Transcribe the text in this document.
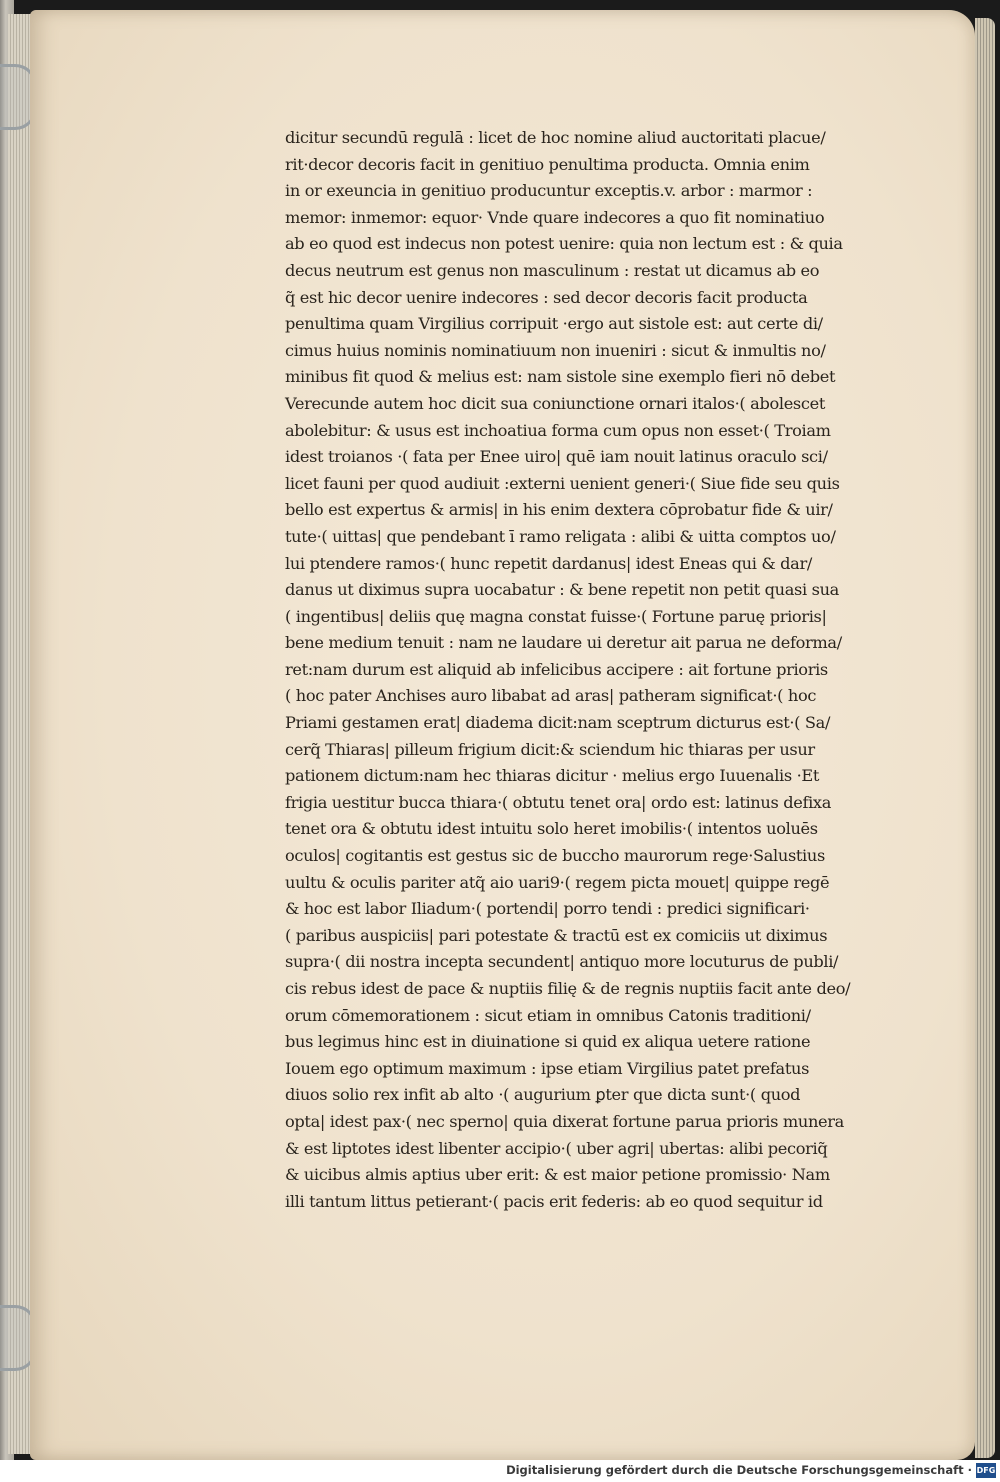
dicitur secundū regulā : licet de hoc nomine aliud auctoritati placue/
rit·decor decoris facit in genitiuo penultima producta. Omnia enim
in or exeuncia in genitiuo producuntur exceptis.v. arbor : marmor :
memor: inmemor: equor· Vnde quare indecores a quo fit nominatiuo
ab eo quod est indecus non potest uenire: quia non lectum est : & quia
decus neutrum est genus non masculinum : restat ut dicamus ab eo
q̃ est hic decor uenire indecores : sed decor decoris facit producta
penultima quam Virgilius corripuit ·ergo aut sistole est: aut certe di/
cimus huius nominis nominatiuum non inueniri : sicut & inmultis no/
minibus fit quod & melius est: nam sistole sine exemplo fieri nō debet
Verecunde autem hoc dicit sua coniunctione ornari italos·( abolescet
abolebitur: & usus est inchoatiua forma cum opus non esset·( Troiam
idest troianos ·( fata per Enee uiro| quē iam nouit latinus oraculo sci/
licet fauni per quod audiuit :externi uenient generi·( Siue fide seu quis
bello est expertus & armis| in his enim dextera cōprobatur fide & uir/
tute·( uittas| que pendebant ī ramo religata : alibi & uitta comptos uo/
lui ptendere ramos·( hunc repetit dardanus| idest Eneas qui & dar/
danus ut diximus supra uocabatur : & bene repetit non petit quasi sua
( ingentibus| deliis quę magna constat fuisse·( Fortune paruę prioris|
bene medium tenuit : nam ne laudare ui deretur ait parua ne deforma/
ret:nam durum est aliquid ab infelicibus accipere : ait fortune prioris
( hoc pater Anchises auro libabat ad aras| patheram significat·( hoc
Priami gestamen erat| diadema dicit:nam sceptrum dicturus est·( Sa/
cerq̃ Thiaras| pilleum frigium dicit:& sciendum hic thiaras per usur
pationem dictum:nam hec thiaras dicitur · melius ergo Iuuenalis ·Et
frigia uestitur bucca thiara·( obtutu tenet ora| ordo est: latinus defixa
tenet ora & obtutu idest intuitu solo heret imobilis·( intentos uoluēs
oculos| cogitantis est gestus sic de buccho maurorum rege·Salustius
uultu & oculis pariter atq̃ aio uari9·( regem picta mouet| quippe regē
& hoc est labor Iliadum·( portendi| porro tendi : predici significari·
( paribus auspiciis| pari potestate & tractū est ex comiciis ut diximus
supra·( dii nostra incepta secundent| antiquo more locuturus de publi/
cis rebus idest de pace & nuptiis filię & de regnis nuptiis facit ante deo/
orum cōmemorationem : sicut etiam in omnibus Catonis traditioni/
bus legimus hinc est in diuinatione si quid ex aliqua uetere ratione
Iouem ego optimum maximum : ipse etiam Virgilius patet prefatus
diuos solio rex infit ab alto ·( augurium ꝑter que dicta sunt·( quod
opta| idest pax·( nec sperno| quia dixerat fortune parua prioris munera
& est liptotes idest libenter accipio·( uber agri| ubertas: alibi pecoriq̃
& uicibus almis aptius uber erit: & est maior petione promissio· Nam
illi tantum littus petierant·( pacis erit federis: ab eo quod sequitur id
Digitalisierung gefördert durch die Deutsche Forschungsgemeinschaft · DFG
